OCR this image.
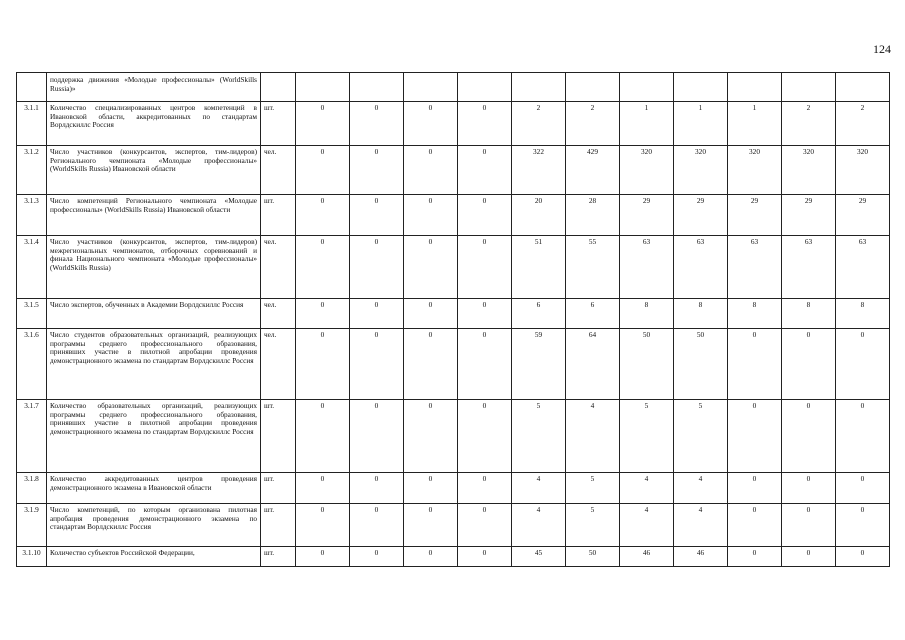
124
	поддержка движения «Молодые профессионалы» (WorldSkills Russia)»												
3.1.1	Количество специализированных центров компетенций в Ивановской области, аккредитованных по стандартам Ворлдскиллс Россия	шт.	0	0	0	0	2	2	1	1	1	2	2
3.1.2	Число участников (конкурсантов, экспертов, тим-лидеров) Регионального чемпионата «Молодые профессионалы» (WorldSkills Russia) Ивановской области	чел.	0	0	0	0	322	429	320	320	320	320	320
3.1.3	Число компетенций Регионального чемпионата «Молодые профессионалы» (WorldSkills Russia) Ивановской области	шт.	0	0	0	0	20	28	29	29	29	29	29
3.1.4	Число участников (конкурсантов, экспертов, тим-лидеров) межрегиональных чемпионатов, отборочных соревнований и финала Национального чемпионата «Молодые профессионалы» (WorldSkills Russia)	чел.	0	0	0	0	51	55	63	63	63	63	63
3.1.5	Число экспертов, обученных в Академии Ворлдскиллс Россия	чел.	0	0	0	0	6	6	8	8	8	8	8
3.1.6	Число студентов образовательных организаций, реализующих программы среднего профессионального образования, принявших участие в пилотной апробации проведения демонстрационного экзамена по стандартам Ворлдскиллс Россия	чел.	0	0	0	0	59	64	50	50	0	0	0
3.1.7	Количество образовательных организаций, реализующих программы среднего профессионального образования, принявших участие в пилотной апробации проведения демонстрационного экзамена по стандартам Ворлдскиллс Россия	шт.	0	0	0	0	5	4	5	5	0	0	0
3.1.8	Количество аккредитованных центров проведения демонстрационного экзамена в Ивановской области	шт.	0	0	0	0	4	5	4	4	0	0	0
3.1.9	Число компетенций, по которым организована пилотная апробация проведения демонстрационного экзамена по стандартам Ворлдскиллс Россия	шт.	0	0	0	0	4	5	4	4	0	0	0
3.1.10	Количество субъектов Российской Федерации,	шт.	0	0	0	0	45	50	46	46	0	0	0
